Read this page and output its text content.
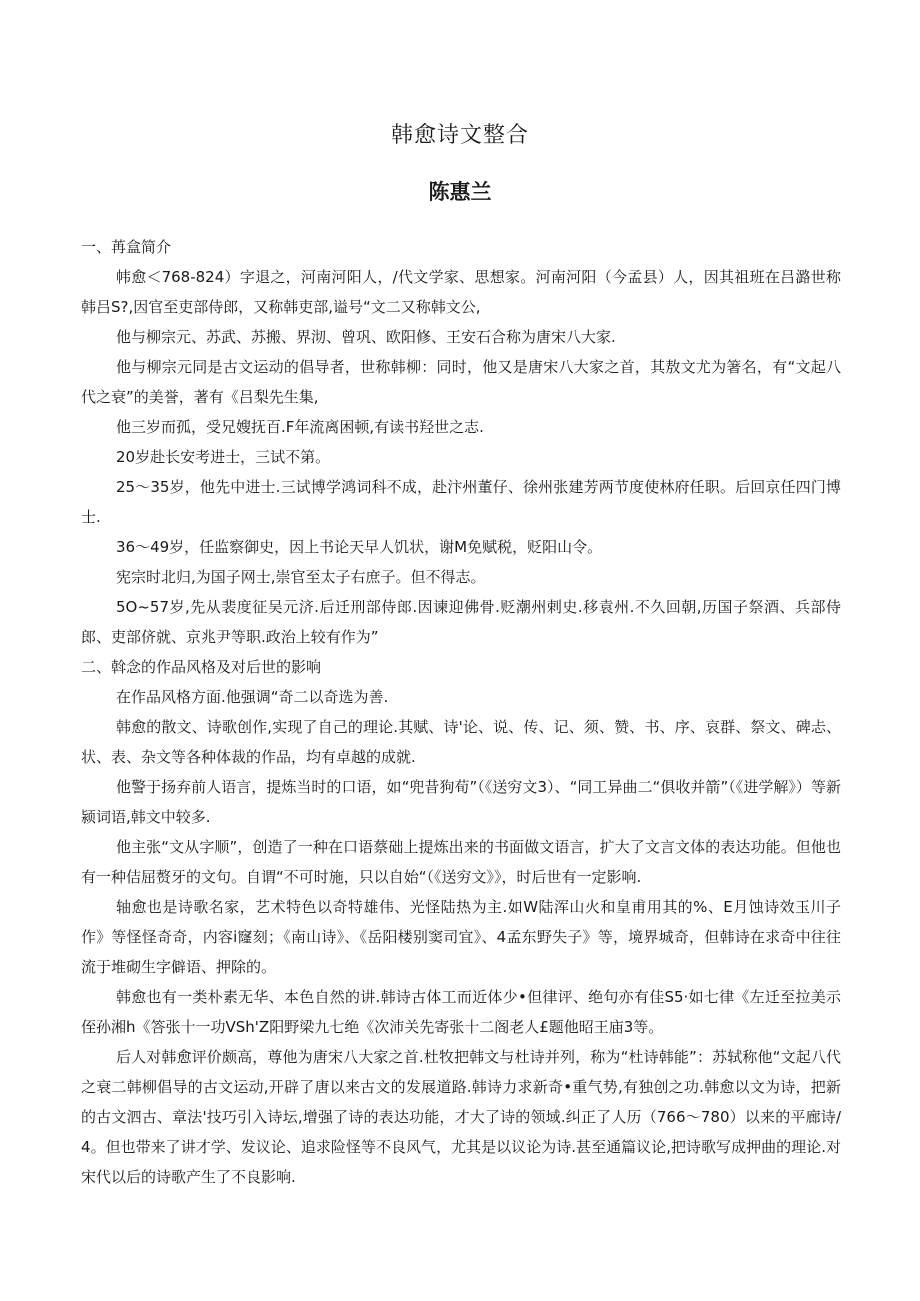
韩愈诗文整合
陈惠兰
一、苒盒简介

帏愈＜768-824）字退之，河南河阳人，/代文学家、思想家。河南河阳（今孟县）人，因其祖班在吕潞世称韩吕S?,因官至吏部侍郎，又称韩吏部,谥号“文二又称韩文公,

他与柳宗元、苏武、苏搬、界沏、曾巩、欧阳修、王安石合称为唐宋八大家.

他与柳宗元同是古文运动的倡导者，世称韩柳：同时，他又是唐宋八大家之首，其敖文尤为箸名，有“文起八代之衰”的美誉，著有《吕梨先生集,

他三岁而孤，受兄嫂抚百.F年流离困顿,有读书羟世之志.

20岁赴长安考进士，三试不第。

25～35岁，他先中进士.三试博学鸿词科不成，赴汴州董仔、徐州张建芳两节度使林府任职。后回京任四门博士.

36～49岁，任监察御史，因上书论天早人饥状，谢M免赋税，贬阳山令。

宪宗时北归,为国子网士,崇官至太子右庶子。但不得志。

5O~57岁,先从裴度征吴元济.后迁刑部侍郎.因谏迎佛骨.贬潮州剌史.移袁州.不久回朝,历国子祭酒、兵部侍郎、吏部侪就、京兆尹等职.政治上较有作为”

二、斡念的作品风格及对后世的影响

在作品风格方面.他强调“奇二以奇选为善.

韩愈的散文、诗歌创作,实现了自己的理论.其赋、诗'论、说、传、记、须、赞、书、序、哀群、祭文、碑忐、状、表、杂文等各种体裁的作品，均有卓越的成就.

他警于扬弃前人语言，提炼当时的口语，如“兜昔狗荀”（《送穷文3）、“同工异曲二“俱收并箭”（《进学解》）等新颍词语,韩文中较多.

他主张“文从字顺”，创造了一种在口语蔡础上提炼出来的书面做文语言，扩大了文言文体的表达功能。但他也有一种佶屈赘牙的文句。自谓“不可时施，只以自始“（《送穷文》》，时后世有一定影响.

轴愈也是诗歌名家，艺术特色以奇特雄伟、光怪陆热为主.如W陆浑山火和皇甫用其的%、E月蚀诗效玉川子作》等怪怪奇奇，内容i窿刻；《南山诗》、《岳阳楼别窦司宜》、4孟东野失子》等，境界城奇，但韩诗在求奇中往往流于堆砌生字僻语、押除的。

韩愈也有一类朴素无华、本色自然的讲.韩诗古体工而近体少•但律评、绝句亦有佳S5·如七律《左迁至拉美示侄孙湘h《答张十一功VSh'Z阳野梁九七绝《次沛关先寄张十二阁老人£题他昭王庙3等。

后人对韩愈评价颇高，尊他为唐宋八大家之首.杜牧把韩文与杜诗并列，称为“杜诗韩能”：苏轼称他“文起八代之衰二韩柳倡导的古文运动,开辟了唐以来古文的发展道路.韩诗力求新奇•重气势,有独创之功.韩愈以文为诗，把新的古文泗古、章法'技巧引入诗坛,增强了诗的表达功能，才大了诗的领域.纠正了人历（766～780）以来的平廊诗/4。但也带来了讲才学、发议论、追求险怪等不良风气，尤其是以议论为诗.甚至通篇议论,把诗歌写成押曲的理论.对宋代以后的诗歌产生了不良影响.
